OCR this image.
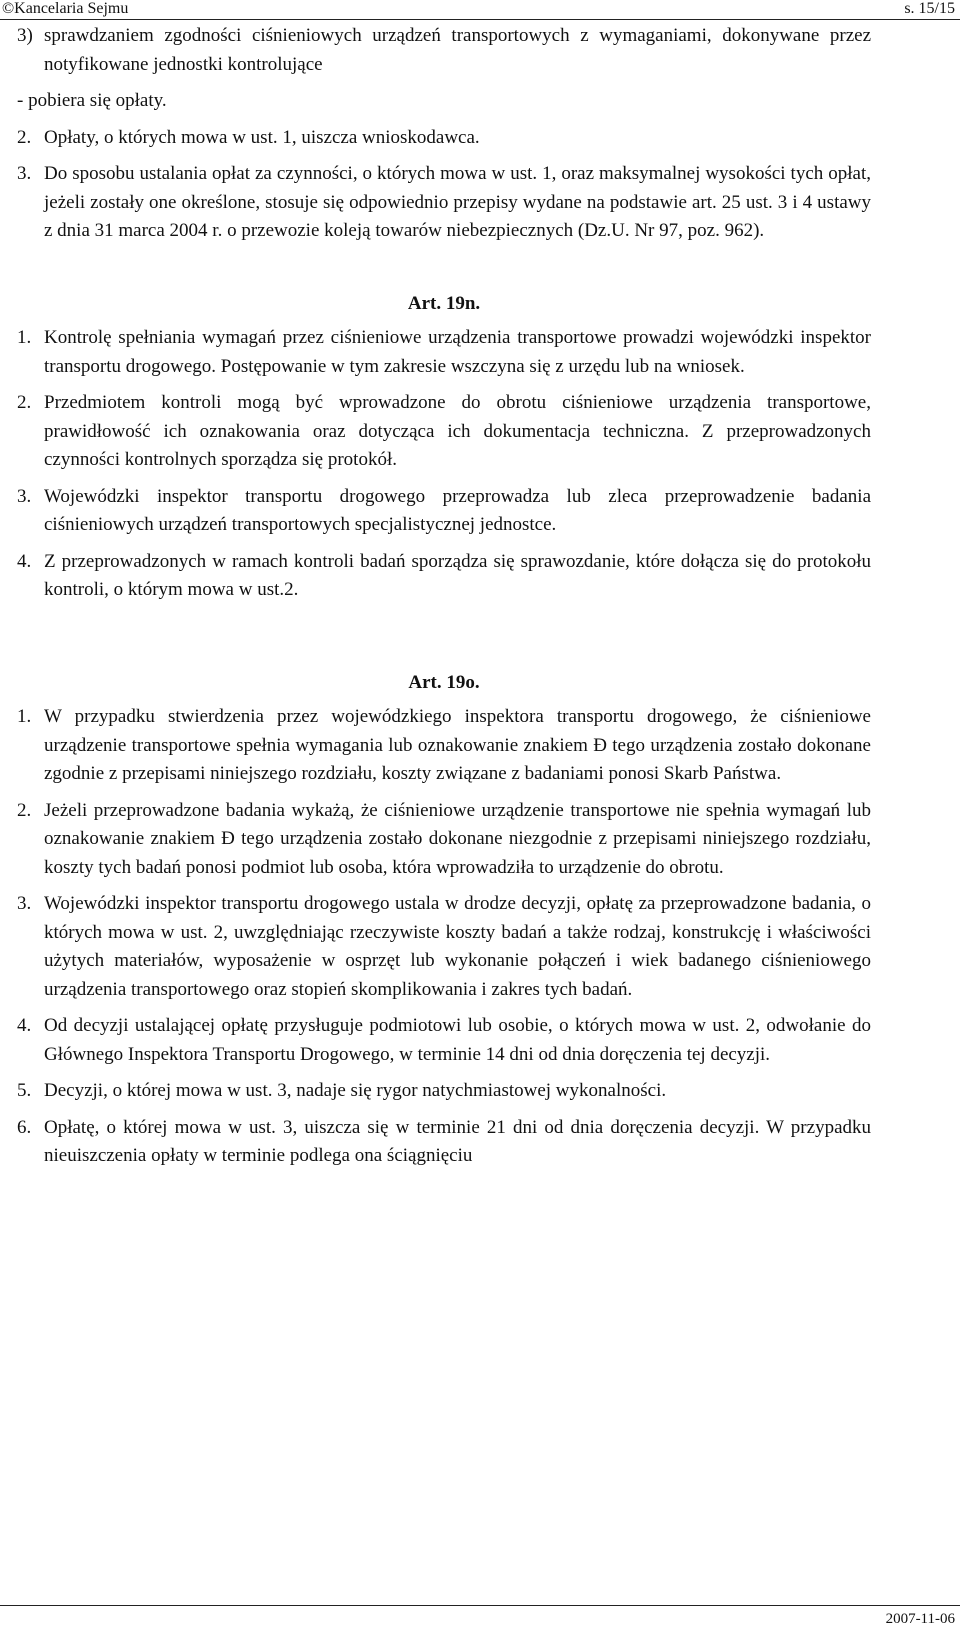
©Kancelaria Sejmu	s. 15/15
3) sprawdzaniem zgodności ciśnieniowych urządzeń transportowych z wymaganiami, dokonywane przez notyfikowane jednostki kontrolujące
- pobiera się opłaty.
2. Opłaty, o których mowa w ust. 1, uiszcza wnioskodawca.
3. Do sposobu ustalania opłat za czynności, o których mowa w ust. 1, oraz maksymalnej wysokości tych opłat, jeżeli zostały one określone, stosuje się odpowiednio przepisy wydane na podstawie art. 25 ust. 3 i 4 ustawy z dnia 31 marca 2004 r. o przewozie koleją towarów niebezpiecznych (Dz.U. Nr 97, poz. 962).
Art. 19n.
1. Kontrolę spełniania wymagań przez ciśnieniowe urządzenia transportowe prowadzi wojewódzki inspektor transportu drogowego. Postępowanie w tym zakresie wszczyna się z urzędu lub na wniosek.
2. Przedmiotem kontroli mogą być wprowadzone do obrotu ciśnieniowe urządzenia transportowe, prawidłowość ich oznakowania oraz dotycząca ich dokumentacja techniczna. Z przeprowadzonych czynności kontrolnych sporządza się protokół.
3. Wojewódzki inspektor transportu drogowego przeprowadza lub zleca przeprowadzenie badania ciśnieniowych urządzeń transportowych specjalistycznej jednostce.
4. Z przeprowadzonych w ramach kontroli badań sporządza się sprawozdanie, które dołącza się do protokołu kontroli, o którym mowa w ust.2.
Art. 19o.
1. W przypadku stwierdzenia przez wojewódzkiego inspektora transportu drogowego, że ciśnieniowe urządzenie transportowe spełnia wymagania lub oznakowanie znakiem Đ tego urządzenia zostało dokonane zgodnie z przepisami niniejszego rozdziału, koszty związane z badaniami ponosi Skarb Państwa.
2. Jeżeli przeprowadzone badania wykażą, że ciśnieniowe urządzenie transportowe nie spełnia wymagań lub oznakowanie znakiem Đ tego urządzenia zostało dokonane niezgodnie z przepisami niniejszego rozdziału, koszty tych badań ponosi podmiot lub osoba, która wprowadziła to urządzenie do obrotu.
3. Wojewódzki inspektor transportu drogowego ustala w drodze decyzji, opłatę za przeprowadzone badania, o których mowa w ust. 2, uwzględniając rzeczywiste koszty badań a także rodzaj, konstrukcję i właściwości użytych materiałów, wyposażenie w osprzęt lub wykonanie połączeń i wiek badanego ciśnieniowego urządzenia transportowego oraz stopień skomplikowania i zakres tych badań.
4. Od decyzji ustalającej opłatę przysługuje podmiotowi lub osobie, o których mowa w ust. 2, odwołanie do Głównego Inspektora Transportu Drogowego, w terminie 14 dni od dnia doręczenia tej decyzji.
5. Decyzji, o której mowa w ust. 3, nadaje się rygor natychmiastowej wykonalności.
6. Opłatę, o której mowa w ust. 3, uiszcza się w terminie 21 dni od dnia doręczenia decyzji. W przypadku nieuiszczenia opłaty w terminie podlega ona ściągnięciu
2007-11-06
